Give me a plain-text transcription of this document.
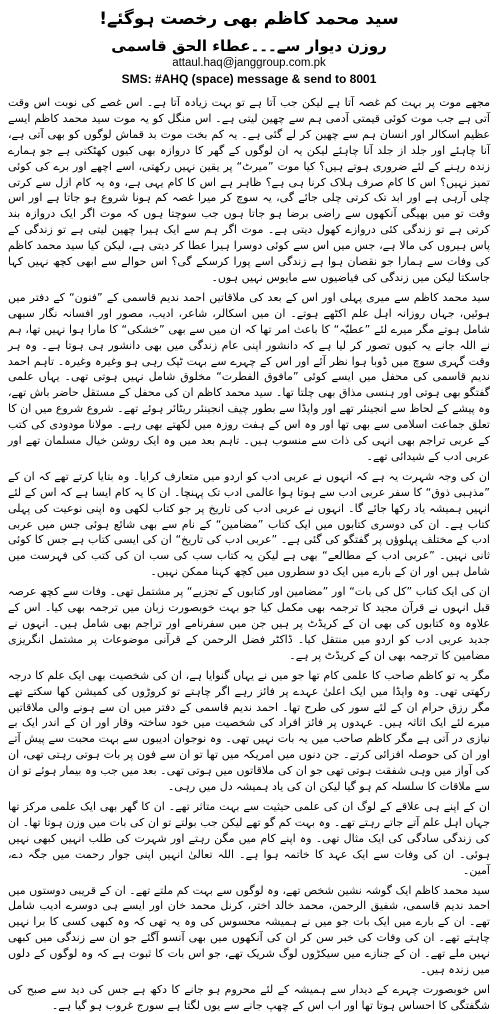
سید محمد کاظم بھی رخصت ہوگئے!
روزن دیوار سے۔۔۔عطاء الحق قاسمی
attaul.haq@janggroup.com.pk
SMS: #AHQ (space) message & send to 8001

مجھے موت پر بہت کم غصہ آتا ہے لیکن جب آتا ہے تو بہت زیادہ آتا ہے۔ اس غصے کی نوبت اس وقت آتی ہے جب موت کوئی قیمتی آدمی ہم سے چھین لیتی ہے۔ اس منگل کو یہ موت سید محمد کاظم ایسے عظیم اسکالر اور انسان ہم سے چھین کر لے گئی ہے۔ یہ کم بخت موت بد قماش لوگوں کو بھی آتی ہے، آنا چاہئے اور جلد از جلد آنا چاہئے لیکن یہ ان لوگوں کے گھر کا دروازہ بھی کیوں کھٹکتی ہے جو ہمارے زندہ رہنے کے لئے ضروری ہوتے ہیں؟ کیا موت ”میرٹ“ پر یقین نہیں رکھتی، اسے اچھے اور برے کی کوئی تمیز نہیں؟ اس کا کام صرف ہلاک کرنا ہی ہے؟ ظاہر ہے اس کا کام یہی ہے، وہ یہ کام ازل سے کرتی چلی آرہی ہے اور ابد تک کرتی چلی جائے گی، یہ سوچ کر میرا غصہ کم ہونا شروع ہو جاتا ہے اور اس وقت تو میں بھیگی آنکھوں سے راضی برضا ہو جاتا ہوں جب سوچتا ہوں کہ موت اگر ایک دروازہ بند کرتی ہے تو زندگی کئی دروازے کھول دیتی ہے۔ موت اگر ہم سے ایک ہیرا چھین لیتی ہے تو زندگی کے پاس ہیروں کی مالا ہے، جس میں اس سے کوئی دوسرا ہیرا عطا کر دیتی ہے، لیکن کیا سید محمد کاظم کی وفات سے ہمارا جو نقصان ہوا ہے زندگی اسے پورا کرسکے گی؟ اس حوالے سے ابھی کچھ نہیں کہا جاسکتا لیکن میں زندگی کی فیاضیوں سے مایوس نہیں ہوں۔

سید محمد کاظم سے میری پہلی اور اس کے بعد کی ملاقاتیں احمد ندیم قاسمی کے ”فنون“ کے دفتر میں ہوئیں، جہاں روزانہ اہل علم اکٹھے ہوتے۔ ان میں اسکالر، شاعر، ادیب، مصور اور افسانہ نگار سبھی شامل ہوتے مگر میرے لئے ”عطیّہ“ کا باعث امر تھا کہ ان میں سے بھی ”خشکی“ کا مارا ہوا نہیں تھا، ہم نے اللہ جانے یہ کیوں تصور کر لیا ہے کہ دانشور اپنی عام زندگی میں بھی دانشور ہی ہوتا ہے۔ وہ ہر وقت گہری سوچ میں ڈوبا ہوا نظر آئے اور اس کے چہرے سے بہت ٹپک رہی ہو وغیرہ وغیرہ۔ تاہم احمد ندیم قاسمی کی محفل میں ایسے کوئی ”مافوق الفطرت“ مخلوق شامل نہیں ہوتی تھی۔ یہاں علمی گفتگو بھی ہوتی اور ہنسی مذاق بھی چلتا تھا۔ سید محمد کاظم ان کی محفل کے مستقل حاضر باش تھے، وہ پیشے کے لحاظ سے انجینئر تھے اور واپڈا سے بطور چیف انجینئر ریٹائر ہوئے تھے۔ شروع شروع میں ان کا تعلق جماعت اسلامی سے بھی تھا اور وہ اس کے ہفت روزہ میں لکھتے بھی رہے۔ مولانا مودودی کی کتب کے عربی تراجم بھی انہی کی ذات سے منسوب ہیں۔ تاہم بعد میں وہ ایک روشن خیال مسلمان تھے اور عربی ادب کے شیدائی تھے۔

ان کی وجہ شہرت یہ ہے کہ انہوں نے عربی ادب کو اردو میں متعارف کرایا۔ وہ بتایا کرتے تھے کہ ان کے ”مذہبی ذوق“ کا سفر عربی ادب سے ہوتا ہوا عالمی ادب تک پہنچا۔ ان کا یہ کام ایسا ہے کہ اس کے لئے انہیں ہمیشہ یاد رکھا جائے گا۔ انہوں نے عربی ادب کی تاریخ پر جو کتاب لکھی وہ اپنی نوعیت کی پہلی کتاب ہے۔ ان کی دوسری کتابوں میں ایک کتاب ”مضامین“ کے نام سے بھی شائع ہوئی جس میں عربی ادب کے مختلف پہلوؤں پر گفتگو کی گئی ہے۔ ”عربی ادب کی تاریخ“ ان کی ایسی کتاب ہے جس کا کوئی ثانی نہیں۔ ”عربی ادب کے مطالعے“ بھی ہے لیکن یہ کتاب سب کی سب ان کی کتب کی فہرست میں شامل ہیں اور ان کے بارے میں ایک دو سطروں میں کچھ کہنا ممکن نہیں۔

ان کی ایک کتاب ”کل کی بات“ اور ”مضامین اور کتابوں کے تجزیے“ پر مشتمل تھی۔ وفات سے کچھ عرصہ قبل انہوں نے قرآن مجید کا ترجمہ بھی مکمل کیا جو بہت خوبصورت زبان میں ترجمہ بھی کیا۔ اس کے علاوہ وہ کتابوں کی بھی ان کے کریڈٹ پر ہیں جن میں سفرنامے اور تراجم بھی شامل ہیں۔ انہوں نے جدید عربی ادب کو اردو میں منتقل کیا۔ ڈاکٹر فضل الرحمن کے قرآنی موضوعات پر مشتمل انگریزی مضامین کا ترجمہ بھی ان کے کریڈٹ پر ہے۔

مگر یہ تو کاظم صاحب کا علمی کام تھا جو میں نے یہاں گنوایا ہے، ان کی شخصیت بھی ایک علم کا درجہ رکھتی تھی۔ وہ واپڈا میں ایک اعلیٰ عہدے پر فائز رہے اگر چاہتے تو کروڑوں کی کمیشن کھا سکتے تھے مگر رزق حرام ان کے لئے سور کی طرح تھا۔ احمد ندیم قاسمی کے دفتر میں ان سے ہونے والی ملاقاتیں میرے لئے ایک اثاثہ ہیں۔ عہدوں پر فائز افراد کی شخصیت میں خود ساختہ وقار اور ان کے اندر ایک بے نیازی در آتی ہے مگر کاظم صاحب میں یہ بات نہیں تھی۔ وہ نوجوان ادیبوں سے بہت محبت سے پیش آتے اور ان کی حوصلہ افزائی کرتے۔ جن دنوں میں امریکہ میں تھا تو ان سے فون پر بات ہوتی رہتی تھی، ان کی آواز میں وہی شفقت ہوتی تھی جو ان کی ملاقاتوں میں ہوتی تھی۔ بعد میں جب وہ بیمار ہوئے تو ان سے ملاقات کا سلسلہ کم ہو گیا لیکن ان کی یاد ہمیشہ دل میں رہی۔

ان کے اپنے ہی علاقے کے لوگ ان کی علمی حیثیت سے بہت متاثر تھے۔ ان کا گھر بھی ایک علمی مرکز تھا جہاں اہل علم آتے جاتے رہتے تھے۔ وہ بہت کم گو تھے لیکن جب بولتے تو ان کی بات میں وزن ہوتا تھا۔ ان کی زندگی سادگی کی ایک مثال تھی۔ وہ اپنے کام میں مگن رہتے اور شہرت کی طلب انہیں کبھی نہیں ہوئی۔ ان کی وفات سے ایک عہد کا خاتمہ ہوا ہے۔ اللہ تعالیٰ انہیں اپنی جوار رحمت میں جگہ دے، آمین۔

سید محمد کاظم ایک گوشہ نشین شخص تھے، وہ لوگوں سے بہت کم ملتے تھے۔ ان کے قریبی دوستوں میں احمد ندیم قاسمی، شفیق الرحمن، محمد خالد اختر، کرنل محمد خان اور ایسے ہی دوسرے ادیب شامل تھے۔ ان کے بارے میں ایک بات جو میں نے ہمیشہ محسوس کی وہ یہ تھی کہ وہ کبھی کسی کا برا نہیں چاہتے تھے۔ ان کی وفات کی خبر سن کر ان کی آنکھوں میں بھی آنسو آگئے جو ان سے زندگی میں کبھی نہیں ملے تھے۔ ان کے جنازے میں سیکڑوں لوگ شریک تھے، جو اس بات کا ثبوت ہے کہ وہ لوگوں کے دلوں میں زندہ ہیں۔

اس خوبصورت چہرے کے دیدار سے ہمیشہ کے لئے محروم ہو جانے کا دکھ ہے جس کی دید سے صبح کی شگفتگی کا احساس ہوتا تھا اور اب اس کے چھپ جانے سے یوں لگتا ہے سورج غروب ہو گیا ہے۔
